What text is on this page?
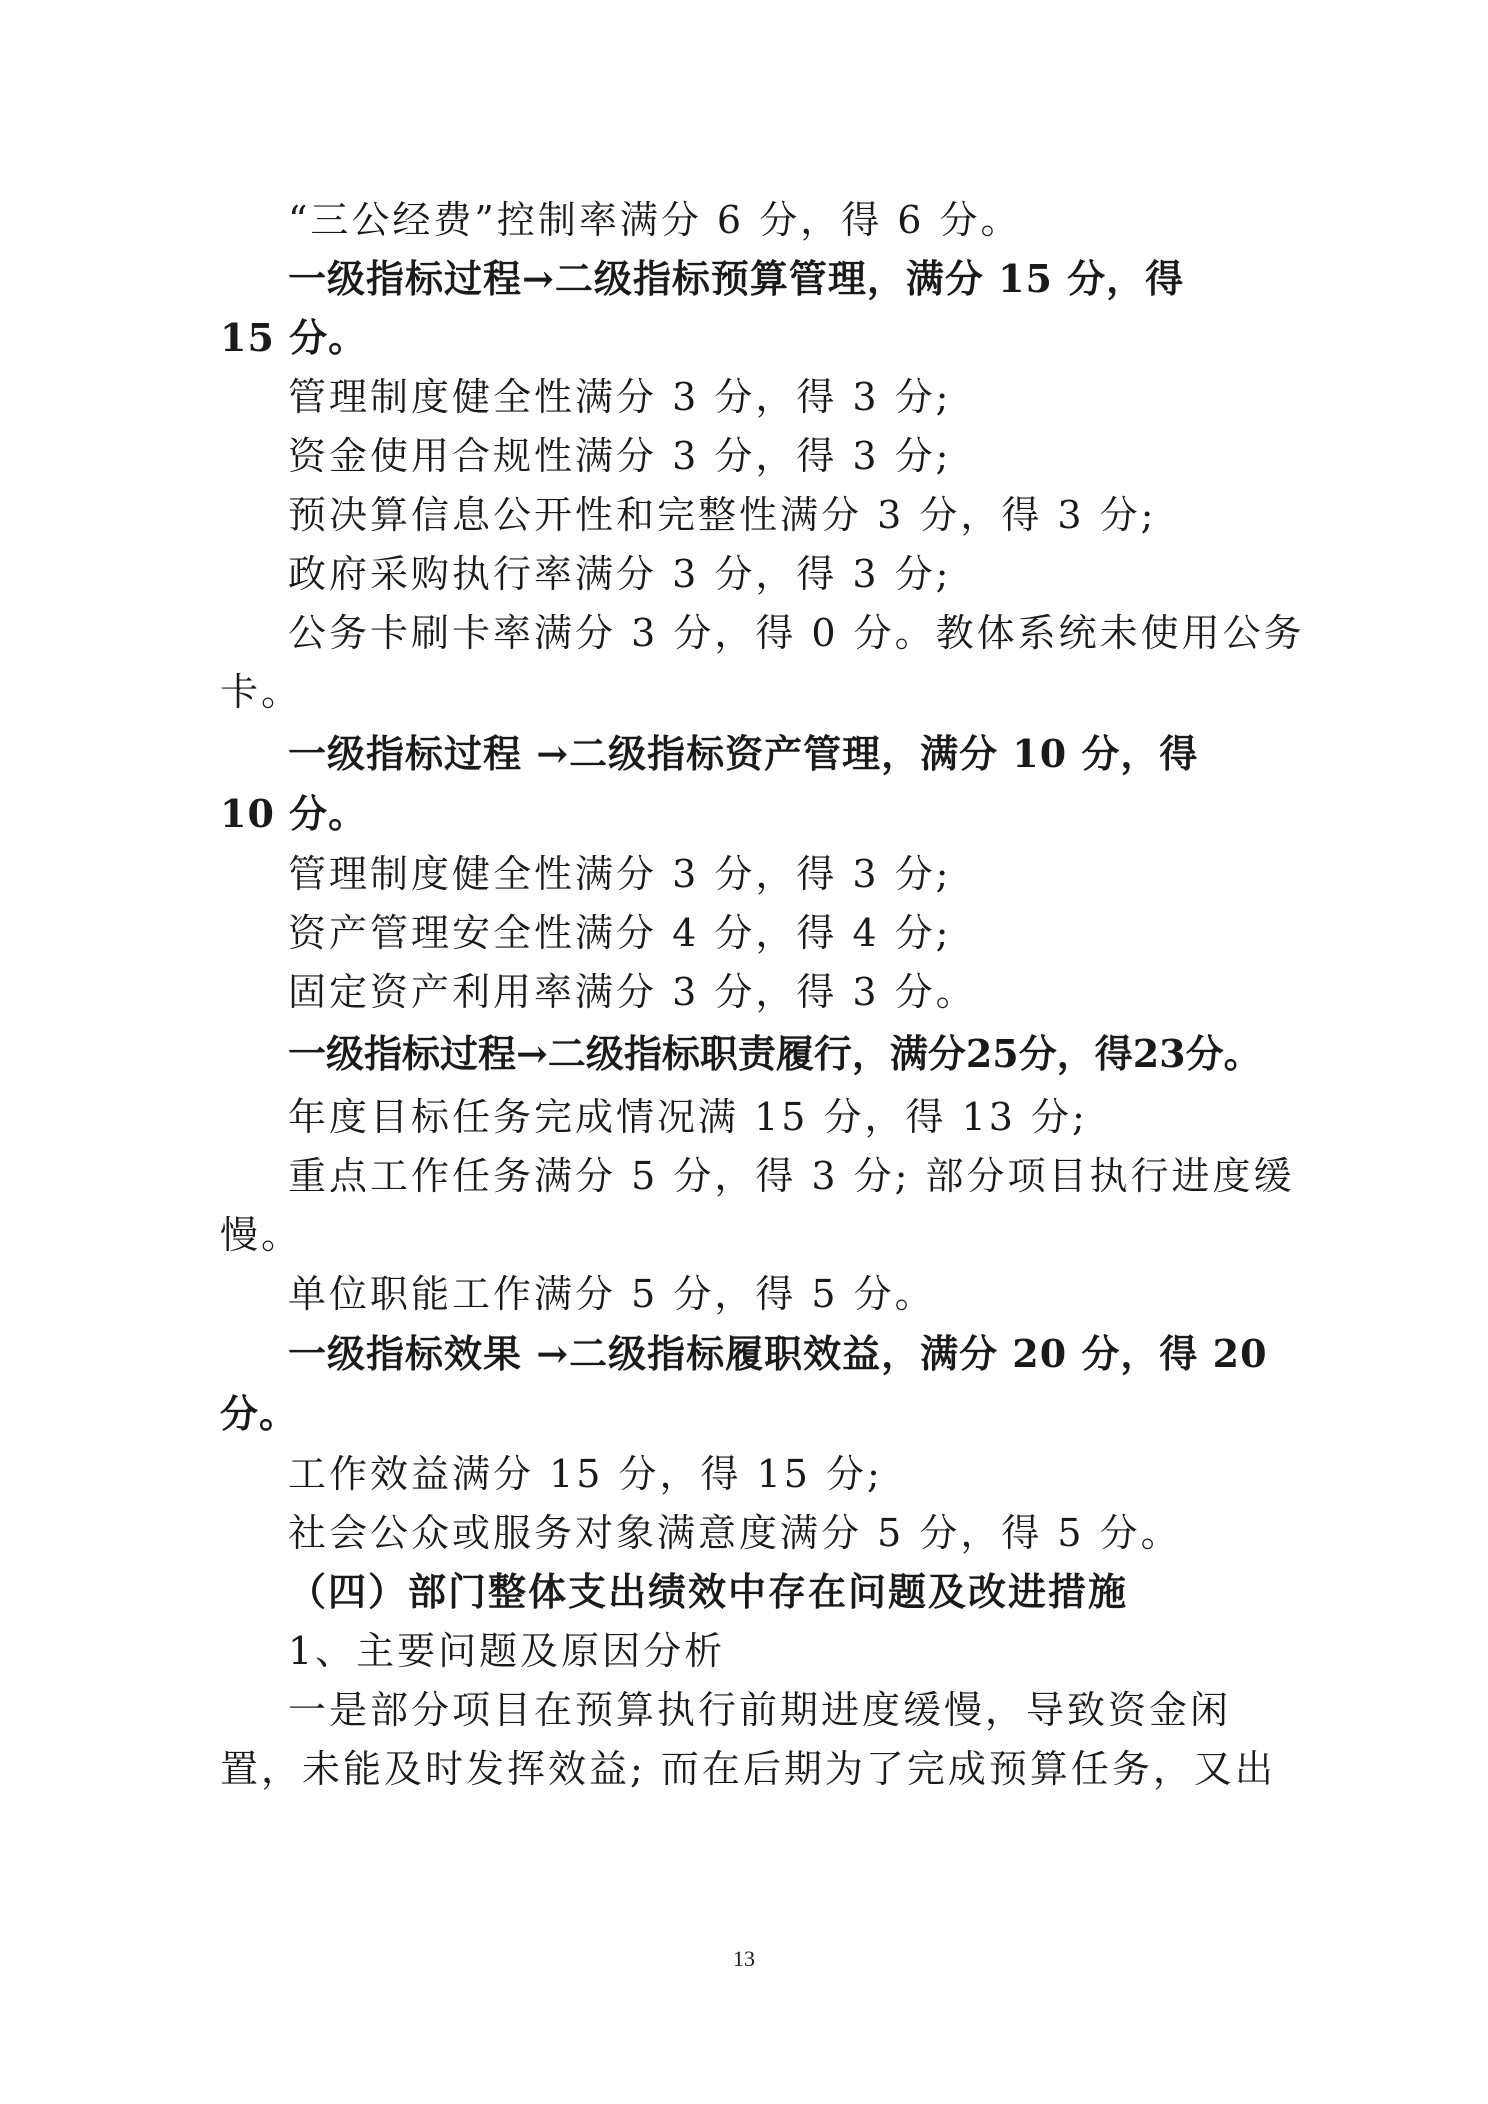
“三公经费”控制率满分 6 分，得 6 分。
一级指标过程→二级指标预算管理，满分 15 分，得
15 分。
管理制度健全性满分 3 分，得 3 分;
资金使用合规性满分 3 分，得 3 分;
预决算信息公开性和完整性满分 3 分，得 3 分;
政府采购执行率满分 3 分，得 3 分;
公务卡刷卡率满分 3 分，得 0 分。教体系统未使用公务
卡。
一级指标过程 →二级指标资产管理，满分 10 分，得
10 分。
管理制度健全性满分 3 分，得 3 分;
资产管理安全性满分 4 分，得 4 分;
固定资产利用率满分 3 分，得 3 分。
一级指标过程→二级指标职责履行，满分25分，得23分。
年度目标任务完成情况满 15 分，得 13 分;
重点工作任务满分 5 分，得 3 分; 部分项目执行进度缓
慢。
单位职能工作满分 5 分，得 5 分。
一级指标效果 →二级指标履职效益，满分 20 分，得 20
分。
工作效益满分 15 分，得 15 分;
社会公众或服务对象满意度满分 5 分，得 5 分。
（四）部门整体支出绩效中存在问题及改进措施
1、主要问题及原因分析
一是部分项目在预算执行前期进度缓慢，导致资金闲
置，未能及时发挥效益; 而在后期为了完成预算任务，又出
13
